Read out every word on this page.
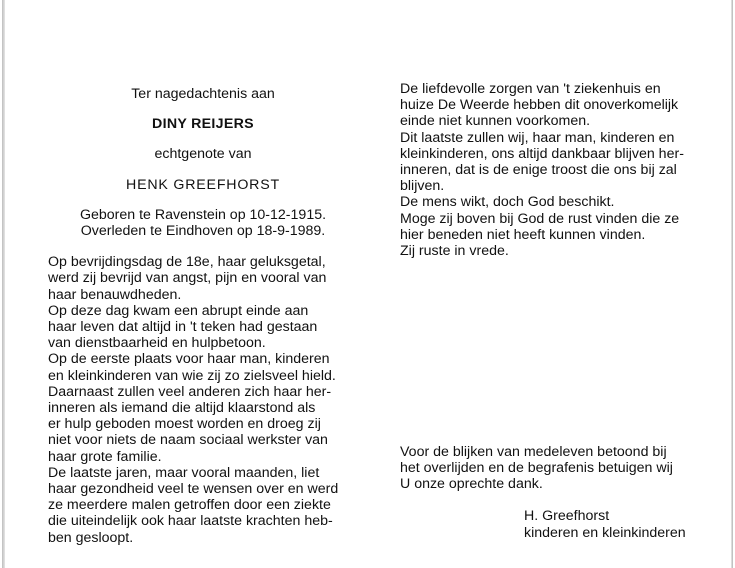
Ter nagedachtenis aan
DINY REIJERS
echtgenote van
HENK GREEFHORST
Geboren te Ravenstein op 10-12-1915.
Overleden te Eindhoven op 18-9-1989.
Op bevrijdingsdag de 18e, haar geluksgetal,
werd zij bevrijd van angst, pijn en vooral van
haar benauwdheden.
Op deze dag kwam een abrupt einde aan
haar leven dat altijd in 't teken had gestaan
van dienstbaarheid en hulpbetoon.
Op de eerste plaats voor haar man, kinderen
en kleinkinderen van wie zij zo zielsveel hield.
Daarnaast zullen veel anderen zich haar her-
inneren als iemand die altijd klaarstond als
er hulp geboden moest worden en droeg zij
niet voor niets de naam sociaal werkster van
haar grote familie.
De laatste jaren, maar vooral maanden, liet
haar gezondheid veel te wensen over en werd
ze meerdere malen getroffen door een ziekte
die uiteindelijk ook haar laatste krachten heb-
ben gesloopt.
De liefdevolle zorgen van 't ziekenhuis en
huize De Weerde hebben dit onoverkomelijk
einde niet kunnen voorkomen.
Dit laatste zullen wij, haar man, kinderen en
kleinkinderen, ons altijd dankbaar blijven her-
inneren, dat is de enige troost die ons bij zal
blijven.
De mens wikt, doch God beschikt.
Moge zij boven bij God de rust vinden die ze
hier beneden niet heeft kunnen vinden.
Zij ruste in vrede.
Voor de blijken van medeleven betoond bij
het overlijden en de begrafenis betuigen wij
U onze oprechte dank.
H. Greefhorst
kinderen en kleinkinderen
